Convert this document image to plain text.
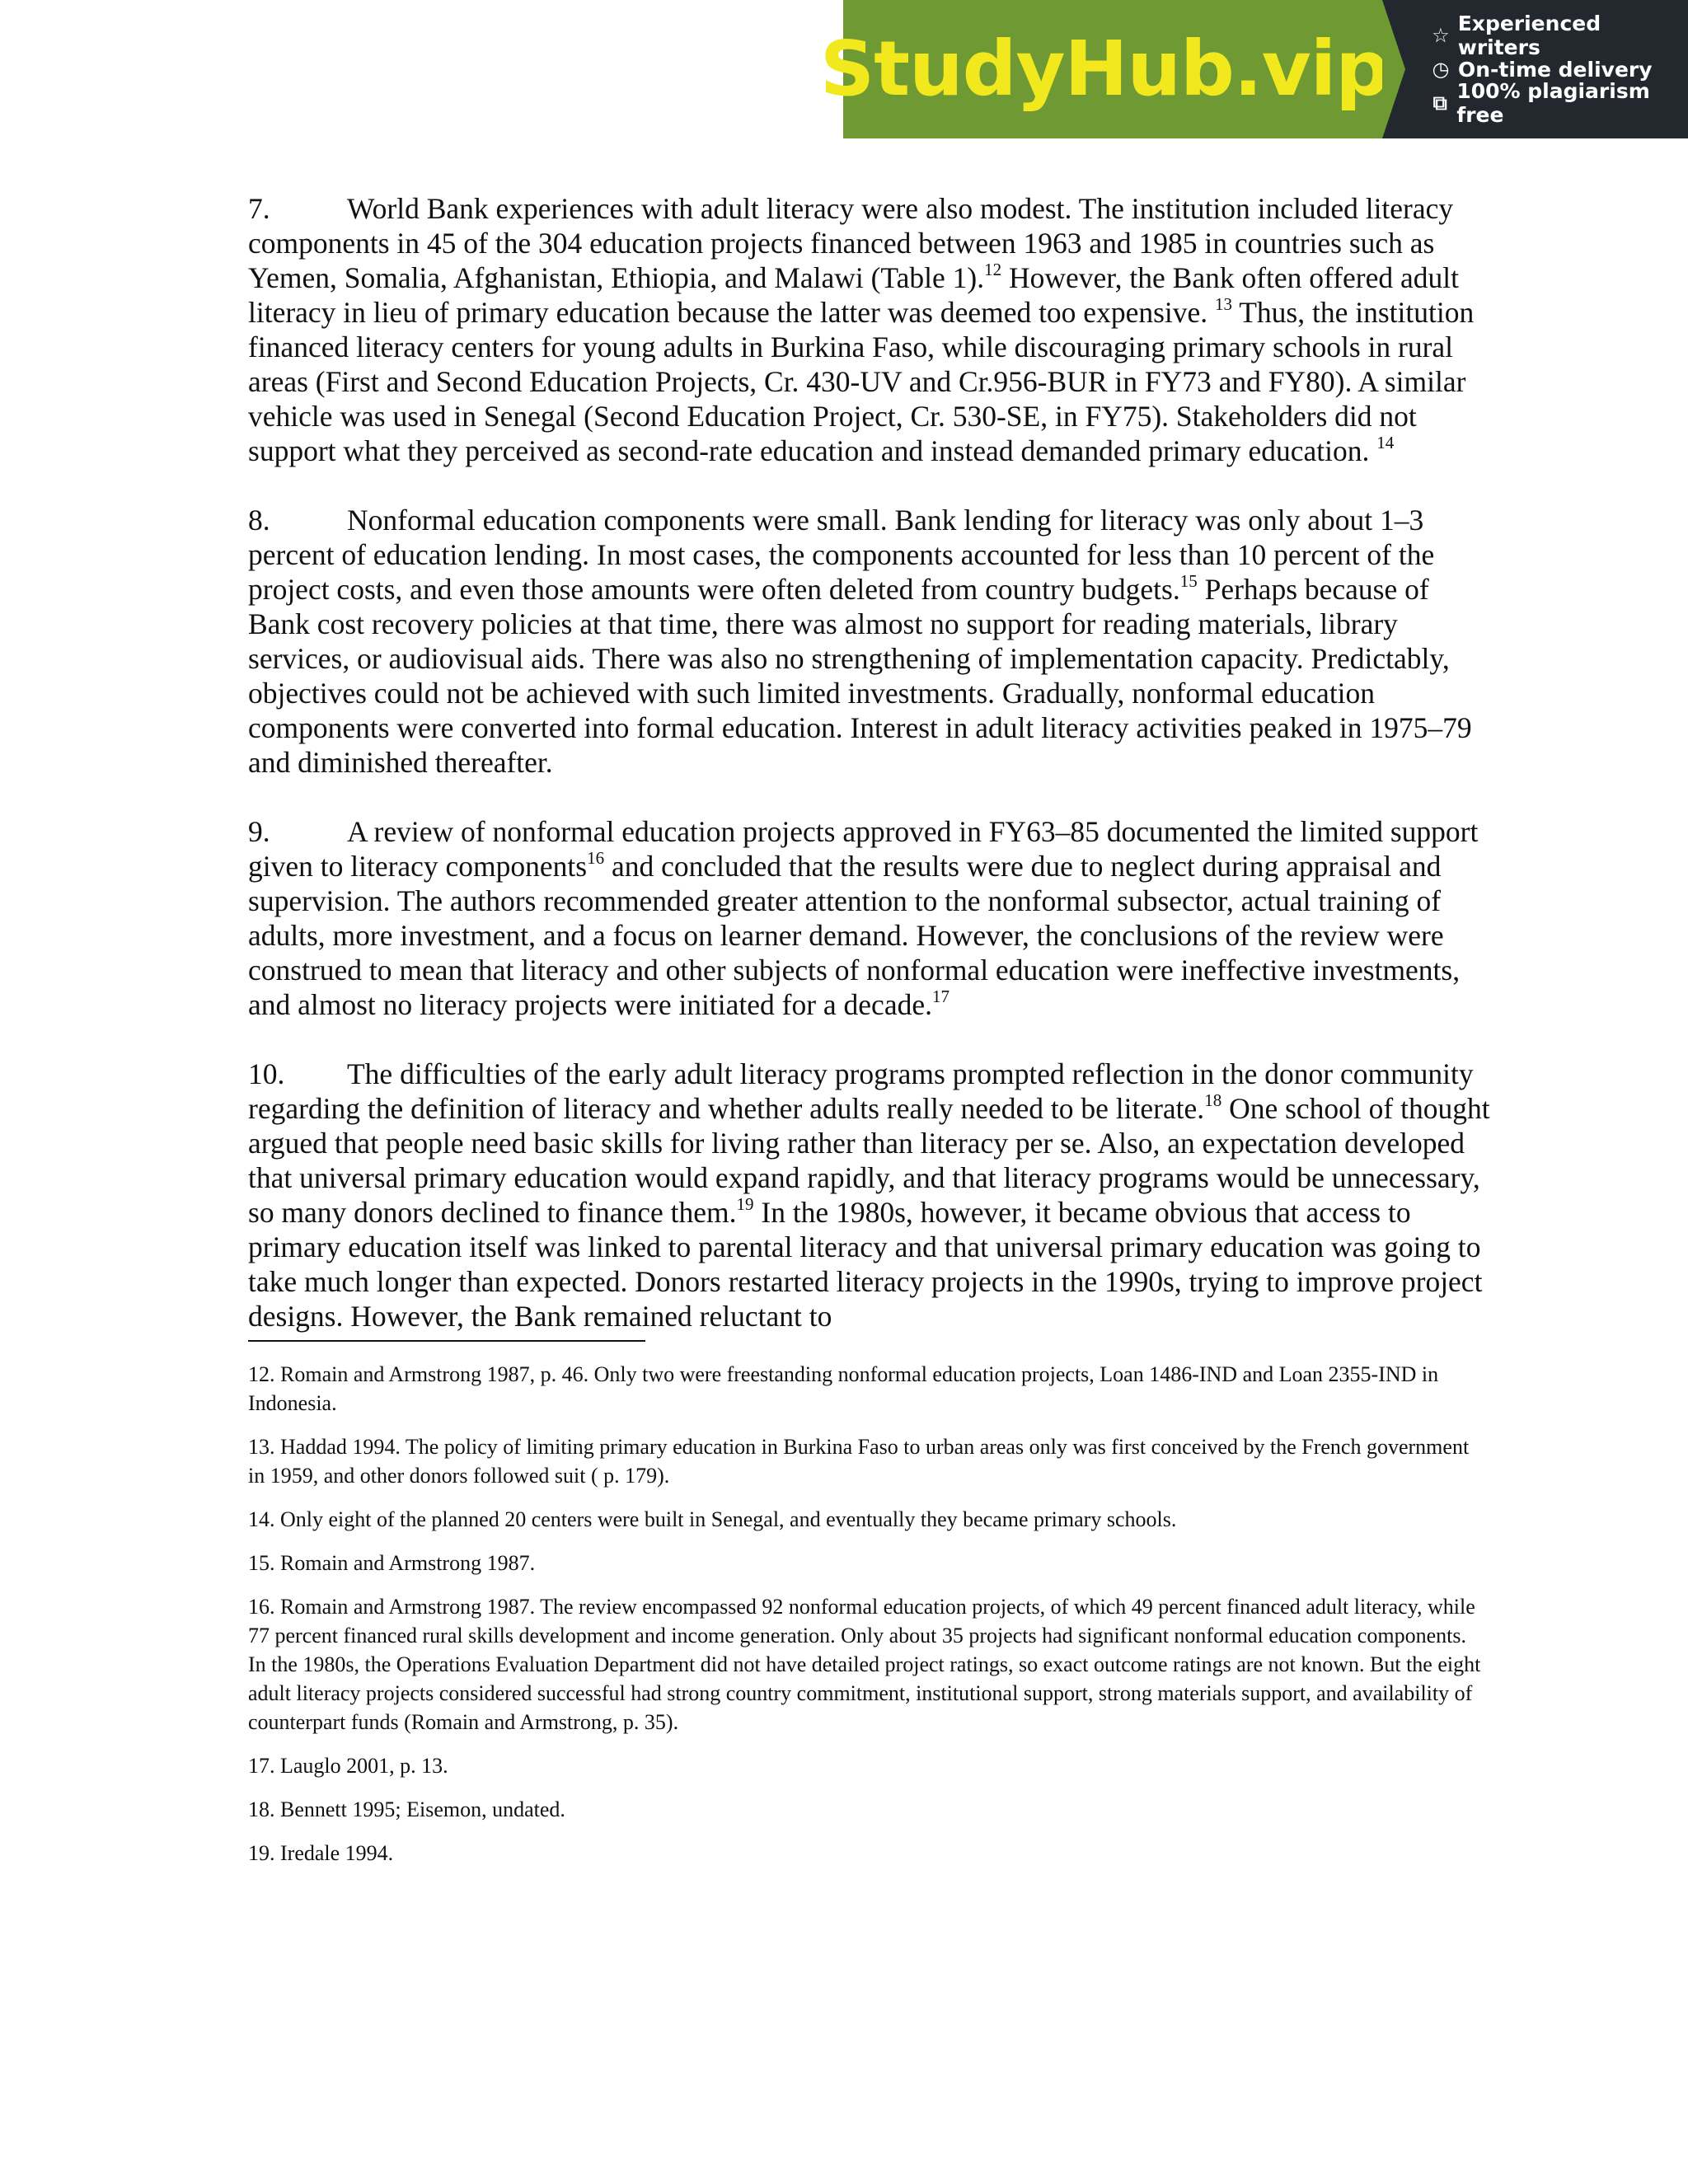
StudyHub.vip ☆ Experienced writers
◷ On-time delivery
⧉ 100% plagiarism free

7.	World Bank experiences with adult literacy were also modest. The institution included literacy components in 45 of the 304 education projects financed between 1963 and 1985 in countries such as Yemen, Somalia, Afghanistan, Ethiopia, and Malawi (Table 1).$^{12}$ However, the Bank often offered adult literacy in lieu of primary education because the latter was deemed too expensive. $^{13}$ Thus, the institution financed literacy centers for young adults in Burkina Faso, while discouraging primary schools in rural areas (First and Second Education Projects, Cr. 430-UV and Cr.956-BUR in FY73 and FY80). A similar vehicle was used in Senegal (Second Education Project, Cr. 530-SE, in FY75). Stakeholders did not support what they perceived as second-rate education and instead demanded primary education. $^{14}$

8.	Nonformal education components were small. Bank lending for literacy was only about 1–3 percent of education lending. In most cases, the components accounted for less than 10 percent of the project costs, and even those amounts were often deleted from country budgets.$^{15}$ Perhaps because of Bank cost recovery policies at that time, there was almost no support for reading materials, library services, or audiovisual aids. There was also no strengthening of implementation capacity. Predictably, objectives could not be achieved with such limited investments. Gradually, nonformal education components were converted into formal education. Interest in adult literacy activities peaked in 1975–79 and diminished thereafter.

9.	A review of nonformal education projects approved in FY63–85 documented the limited support given to literacy components$^{16}$ and concluded that the results were due to neglect during appraisal and supervision. The authors recommended greater attention to the nonformal subsector, actual training of adults, more investment, and a focus on learner demand. However, the conclusions of the review were construed to mean that literacy and other subjects of nonformal education were ineffective investments, and almost no literacy projects were initiated for a decade.$^{17}$

10. The difficulties of the early adult literacy programs prompted reflection in the donor community regarding the definition of literacy and whether adults really needed to be literate.$^{18}$ One school of thought argued that people need basic skills for living rather than literacy per se. Also, an expectation developed that universal primary education would expand rapidly, and that literacy programs would be unnecessary, so many donors declined to finance them.$^{19}$ In the 1980s, however, it became obvious that access to primary education itself was linked to parental literacy and that universal primary education was going to take much longer than expected. Donors restarted literacy projects in the 1990s, trying to improve project designs. However, the Bank remained reluctant to

12. Romain and Armstrong 1987, p. 46. Only two were freestanding nonformal education projects, Loan 1486-IND and Loan 2355-IND in Indonesia.

13. Haddad 1994. The policy of limiting primary education in Burkina Faso to urban areas only was first conceived by the French government in 1959, and other donors followed suit ( p. 179).

14. Only eight of the planned 20 centers were built in Senegal, and eventually they became primary schools.

15. Romain and Armstrong 1987.

16. Romain and Armstrong 1987. The review encompassed 92 nonformal education projects, of which 49 percent financed adult literacy, while 77 percent financed rural skills development and income generation. Only about 35 projects had significant nonformal education components. In the 1980s, the Operations Evaluation Department did not have detailed project ratings, so exact outcome ratings are not known. But the eight adult literacy projects considered successful had strong country commitment, institutional support, strong materials support, and availability of counterpart funds (Romain and Armstrong, p. 35).

17. Lauglo 2001, p. 13.

18. Bennett 1995; Eisemon, undated.

19. Iredale 1994.
